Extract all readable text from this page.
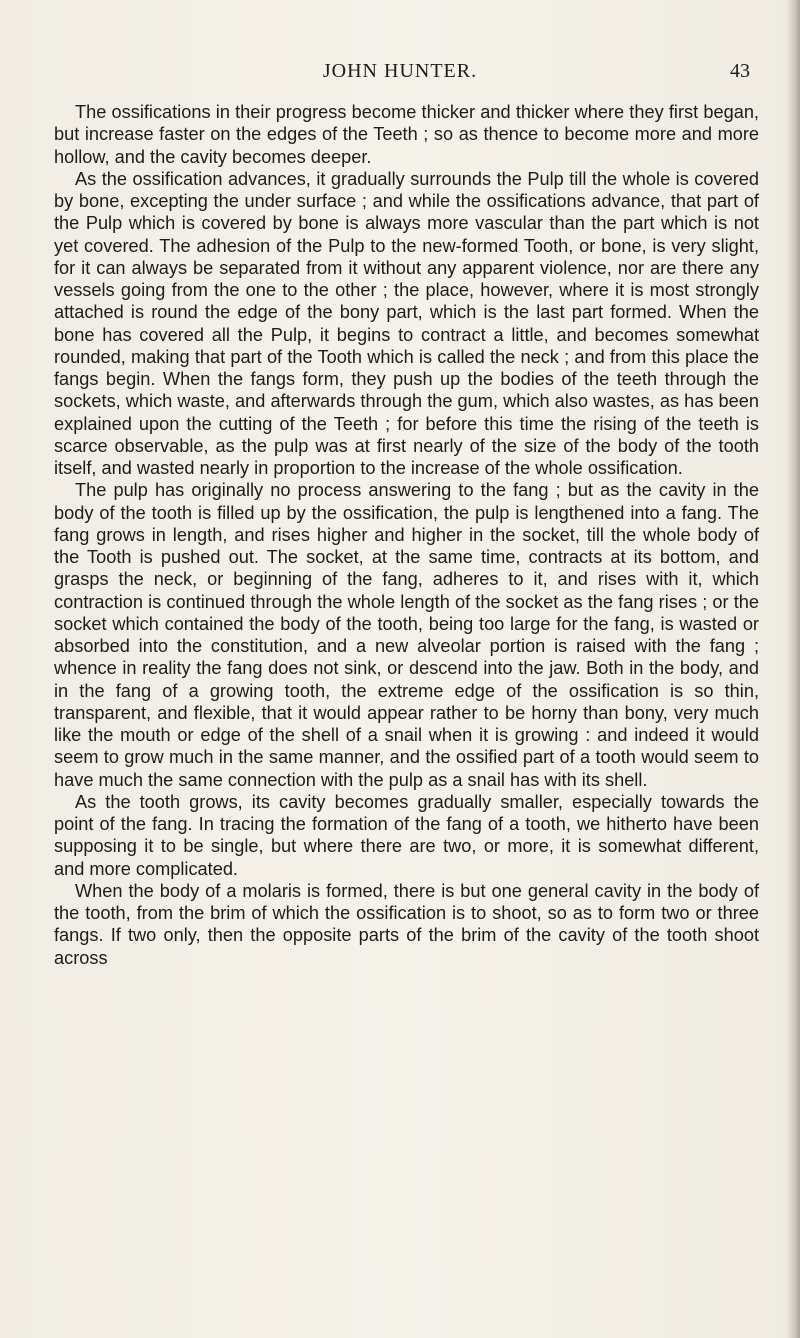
JOHN HUNTER.	43

The ossifications in their progress become thicker and thicker where they first began, but increase faster on the edges of the Teeth ; so as thence to become more and more hollow, and the cavity becomes deeper.

As the ossification advances, it gradually surrounds the Pulp till the whole is covered by bone, excepting the under surface ; and while the ossifications advance, that part of the Pulp which is covered by bone is always more vascular than the part which is not yet covered. The adhesion of the Pulp to the new-formed Tooth, or bone, is very slight, for it can always be separated from it without any apparent violence, nor are there any vessels going from the one to the other ; the place, however, where it is most strongly attached is round the edge of the bony part, which is the last part formed. When the bone has covered all the Pulp, it begins to contract a little, and becomes somewhat rounded, making that part of the Tooth which is called the neck ; and from this place the fangs begin. When the fangs form, they push up the bodies of the teeth through the sockets, which waste, and afterwards through the gum, which also wastes, as has been explained upon the cutting of the Teeth ; for before this time the rising of the teeth is scarce observable, as the pulp was at first nearly of the size of the body of the tooth itself, and wasted nearly in proportion to the increase of the whole ossification.

The pulp has originally no process answering to the fang ; but as the cavity in the body of the tooth is filled up by the ossification, the pulp is lengthened into a fang. The fang grows in length, and rises higher and higher in the socket, till the whole body of the Tooth is pushed out. The socket, at the same time, contracts at its bottom, and grasps the neck, or beginning of the fang, adheres to it, and rises with it, which contraction is continued through the whole length of the socket as the fang rises ; or the socket which contained the body of the tooth, being too large for the fang, is wasted or absorbed into the constitution, and a new alveolar portion is raised with the fang ; whence in reality the fang does not sink, or descend into the jaw. Both in the body, and in the fang of a growing tooth, the extreme edge of the ossification is so thin, transparent, and flexible, that it would appear rather to be horny than bony, very much like the mouth or edge of the shell of a snail when it is growing : and indeed it would seem to grow much in the same manner, and the ossified part of a tooth would seem to have much the same connection with the pulp as a snail has with its shell.

As the tooth grows, its cavity becomes gradually smaller, especially towards the point of the fang. In tracing the formation of the fang of a tooth, we hitherto have been supposing it to be single, but where there are two, or more, it is somewhat different, and more complicated.

When the body of a molaris is formed, there is but one general cavity in the body of the tooth, from the brim of which the ossification is to shoot, so as to form two or three fangs. If two only, then the opposite parts of the brim of the cavity of the tooth shoot across
